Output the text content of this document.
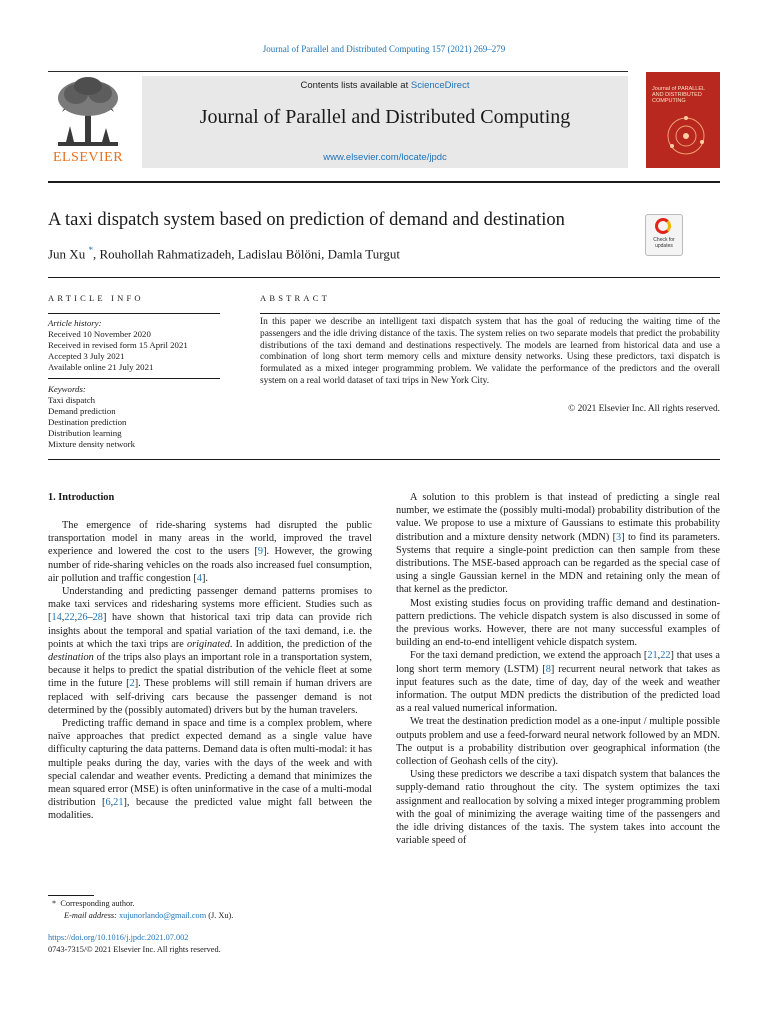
Journal of Parallel and Distributed Computing 157 (2021) 269–279
ELSEVIER
Contents lists available at ScienceDirect
Journal of Parallel and Distributed Computing
www.elsevier.com/locate/jpdc
Journal of PARALLEL AND DISTRIBUTED COMPUTING
A taxi dispatch system based on prediction of demand and destination
Jun Xu *, Rouhollah Rahmatizadeh, Ladislau Bölöni, Damla Turgut
Check for updates
ARTICLE INFO
Article history:
Received 10 November 2020
Received in revised form 15 April 2021
Accepted 3 July 2021
Available online 21 July 2021
Keywords:
Taxi dispatch
Demand prediction
Destination prediction
Distribution learning
Mixture density network
ABSTRACT
In this paper we describe an intelligent taxi dispatch system that has the goal of reducing the waiting time of the passengers and the idle driving distance of the taxis. The system relies on two separate models that predict the probability distributions of the taxi demand and destinations respectively. The models are learned from historical data and use a combination of long short term memory cells and mixture density networks. Using these predictors, taxi dispatch is formulated as a mixed integer programming problem. We validate the performance of the predictors and the overall system on a real world dataset of taxi trips in New York City.
© 2021 Elsevier Inc. All rights reserved.
1. Introduction

The emergence of ride-sharing systems had disrupted the public transportation model in many areas in the world, improved the travel experience and lowered the cost to the users [9]. However, the growing number of ride-sharing vehicles on the roads also increased fuel consumption, air pollution and traffic congestion [4].

Understanding and predicting passenger demand patterns promises to make taxi services and ridesharing systems more efficient. Studies such as [14,22,26–28] have shown that historical taxi trip data can provide rich insights about the temporal and spatial variation of the taxi demand, i.e. the points at which the taxi trips are originated. In addition, the prediction of the destination of the trips also plays an important role in a transportation system, because it helps to predict the spatial distribution of the vehicle fleet at some time in the future [2]. These problems will still remain if human drivers are replaced with self-driving cars because the passenger demand is not determined by the (possibly automated) drivers but by the human travelers.

Predicting traffic demand in space and time is a complex problem, where naïve approaches that predict expected demand as a single value have difficulty capturing the data patterns. Demand data is often multi-modal: it has multiple peaks during the day, varies with the days of the week and with special calendar and weather events. Predicting a demand that minimizes the mean squared error (MSE) is often uninformative in the case of a multi-modal distribution [6,21], because the predicted value might fall between the modalities.

A solution to this problem is that instead of predicting a single real number, we estimate the (possibly multi-modal) probability distribution of the value. We propose to use a mixture of Gaussians to estimate this probability distribution and a mixture density network (MDN) [3] to find its parameters. Systems that require a single-point prediction can then sample from these distributions. The MSE-based approach can be regarded as the special case of using a single Gaussian kernel in the MDN and retaining only the mean of that kernel as the predictor.

Most existing studies focus on providing traffic demand and destination-pattern predictions. The vehicle dispatch system is also discussed in some of the previous works. However, there are not many successful examples of building an end-to-end intelligent vehicle dispatch system.

For the taxi demand prediction, we extend the approach [21,22] that uses a long short term memory (LSTM) [8] recurrent neural network that takes as input features such as the date, time of day, day of the week and weather information. The output MDN predicts the distribution of the predicted load as a real valued numerical information.

We treat the destination prediction model as a one-input / multiple possible outputs problem and use a feed-forward neural network followed by an MDN. The output is a probability distribution over geographical information (the collection of Geohash cells of the city).

Using these predictors we describe a taxi dispatch system that balances the supply-demand ratio throughout the city. The system optimizes the taxi assignment and reallocation by solving a mixed integer programming problem with the goal of minimizing the average waiting time of the passengers and the idle driving distances of the taxis. The system takes into account the variable speed of

* Corresponding author.
E-mail address: xujunorlando@gmail.com (J. Xu).
https://doi.org/10.1016/j.jpdc.2021.07.002
0743-7315/© 2021 Elsevier Inc. All rights reserved.
